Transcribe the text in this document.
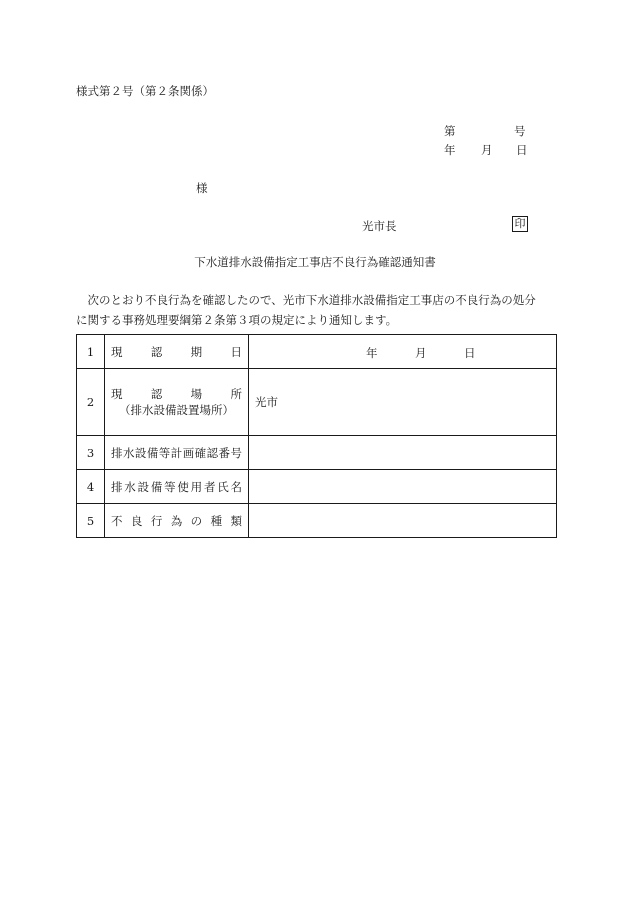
様式第２号（第２条関係）
第	号
年 月 日
様
光市長	印
下水道排水設備指定工事店不良行為確認通知書
　次のとおり不良行為を確認したので、光市下水道排水設備指定工事店の不良行為の処分
に関する事務処理要綱第２条第３項の規定により通知します。
1	現認期日	年 月 日

2	現認場所
（排水設備設置場所）	光市
3	排水設備等計画確認番号	

4	排水設備等使用者氏名	

5	不良行為の種類	
